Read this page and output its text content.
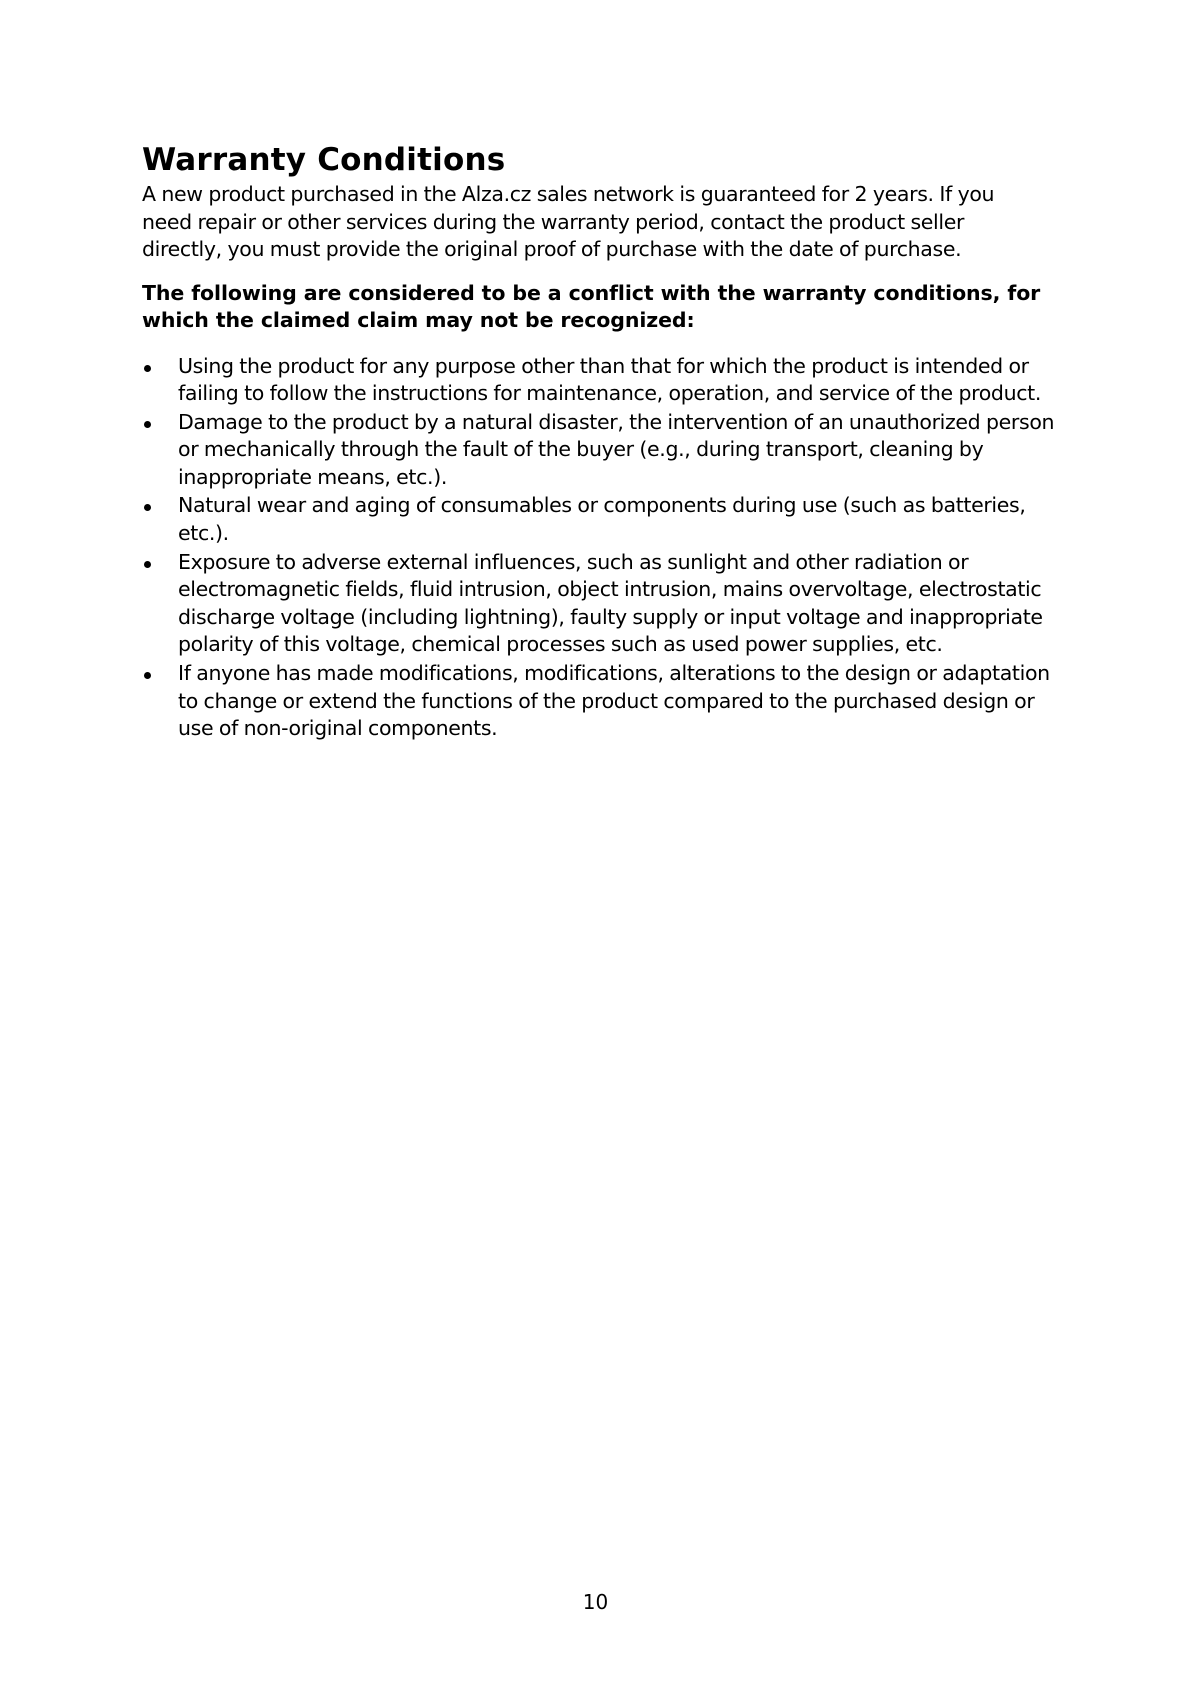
Warranty Conditions

A new product purchased in the Alza.cz sales network is guaranteed for 2 years. If you need repair or other services during the warranty period, contact the product seller directly, you must provide the original proof of purchase with the date of purchase.

The following are considered to be a conflict with the warranty conditions, for which the claimed claim may not be recognized:

Using the product for any purpose other than that for which the product is intended or failing to follow the instructions for maintenance, operation, and service of the product.
Damage to the product by a natural disaster, the intervention of an unauthorized person or mechanically through the fault of the buyer (e.g., during transport, cleaning by inappropriate means, etc.).
Natural wear and aging of consumables or components during use (such as batteries, etc.).
Exposure to adverse external influences, such as sunlight and other radiation or electromagnetic fields, fluid intrusion, object intrusion, mains overvoltage, electrostatic discharge voltage (including lightning), faulty supply or input voltage and inappropriate polarity of this voltage, chemical processes such as used power supplies, etc.
If anyone has made modifications, modifications, alterations to the design or adaptation to change or extend the functions of the product compared to the purchased design or use of non-original components.
10
